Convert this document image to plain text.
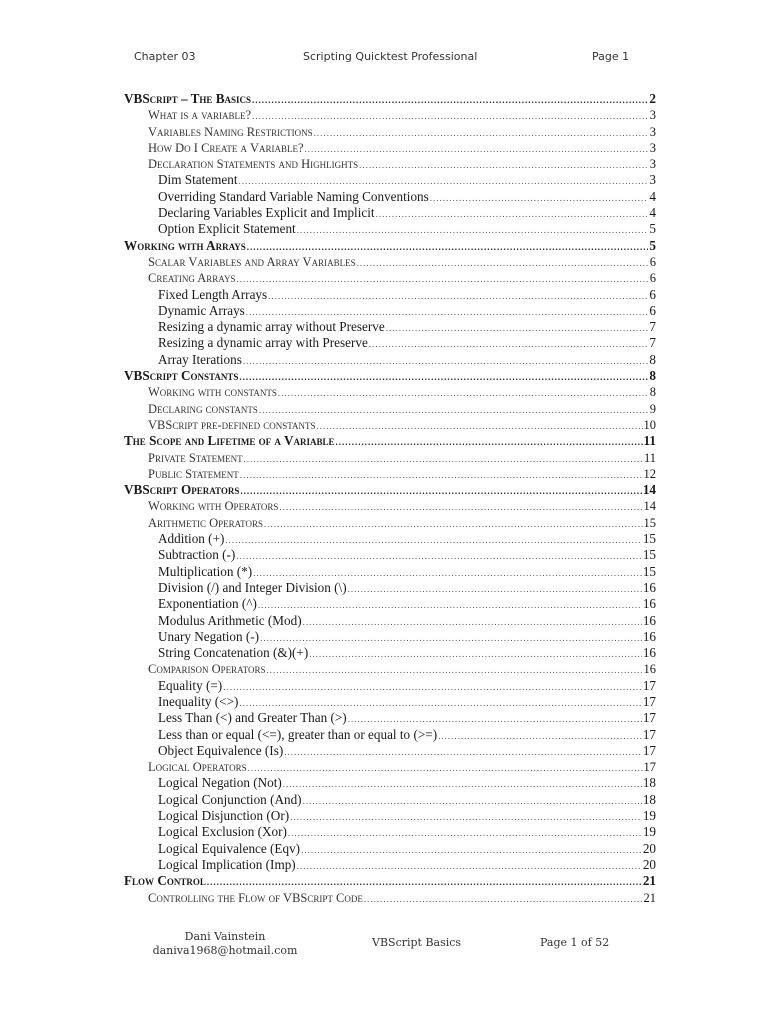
Chapter 03	Scripting Quicktest Professional	Page 1
VBScript – The Basics .....	2
What is a variable? .....	3
Variables Naming Restrictions .....	3
How Do I Create a Variable? .....	3
Declaration Statements and Highlights .....	3
Dim Statement .....	3
Overriding Standard Variable Naming Conventions .....	4
Declaring Variables Explicit and Implicit .....	4
Option Explicit Statement .....	5
Working with Arrays .....	5
Scalar Variables and Array Variables .....	6
Creating Arrays .....	6
Fixed Length Arrays .....	6
Dynamic Arrays .....	6
Resizing a dynamic array without Preserve .....	7
Resizing a dynamic array with Preserve .....	7
Array Iterations .....	8
VBScript Constants .....	8
Working with constants .....	8
Declaring constants .....	9
VBScript pre-defined constants .....	10
The Scope and Lifetime of a Variable .....	11
Private Statement .....	11
Public Statement .....	12
VBScript Operators .....	14
Working with Operators .....	14
Arithmetic Operators .....	15
Addition (+) .....	15
Subtraction (-) .....	15
Multiplication (*) .....	15
Division (/) and Integer Division (\) .....	16
Exponentiation (^) .....	16
Modulus Arithmetic (Mod) .....	16
Unary Negation (-) .....	16
String Concatenation (&)(+) .....	16
Comparison Operators .....	16
Equality (=) .....	17
Inequality (<>) .....	17
Less Than (<) and Greater Than (>) .....	17
Less than or equal (<=), greater than or equal to (>=) .....	17
Object Equivalence (Is) .....	17
Logical Operators .....	17
Logical Negation (Not) .....	18
Logical Conjunction (And) .....	18
Logical Disjunction (Or) .....	19
Logical Exclusion (Xor) .....	19
Logical Equivalence (Eqv) .....	20
Logical Implication (Imp) .....	20
Flow Control .....	21
Controlling the Flow of VBScript Code .....	21
Dani Vainstein
daniva1968@hotmail.com
VBScript Basics	Page 1 of 52
